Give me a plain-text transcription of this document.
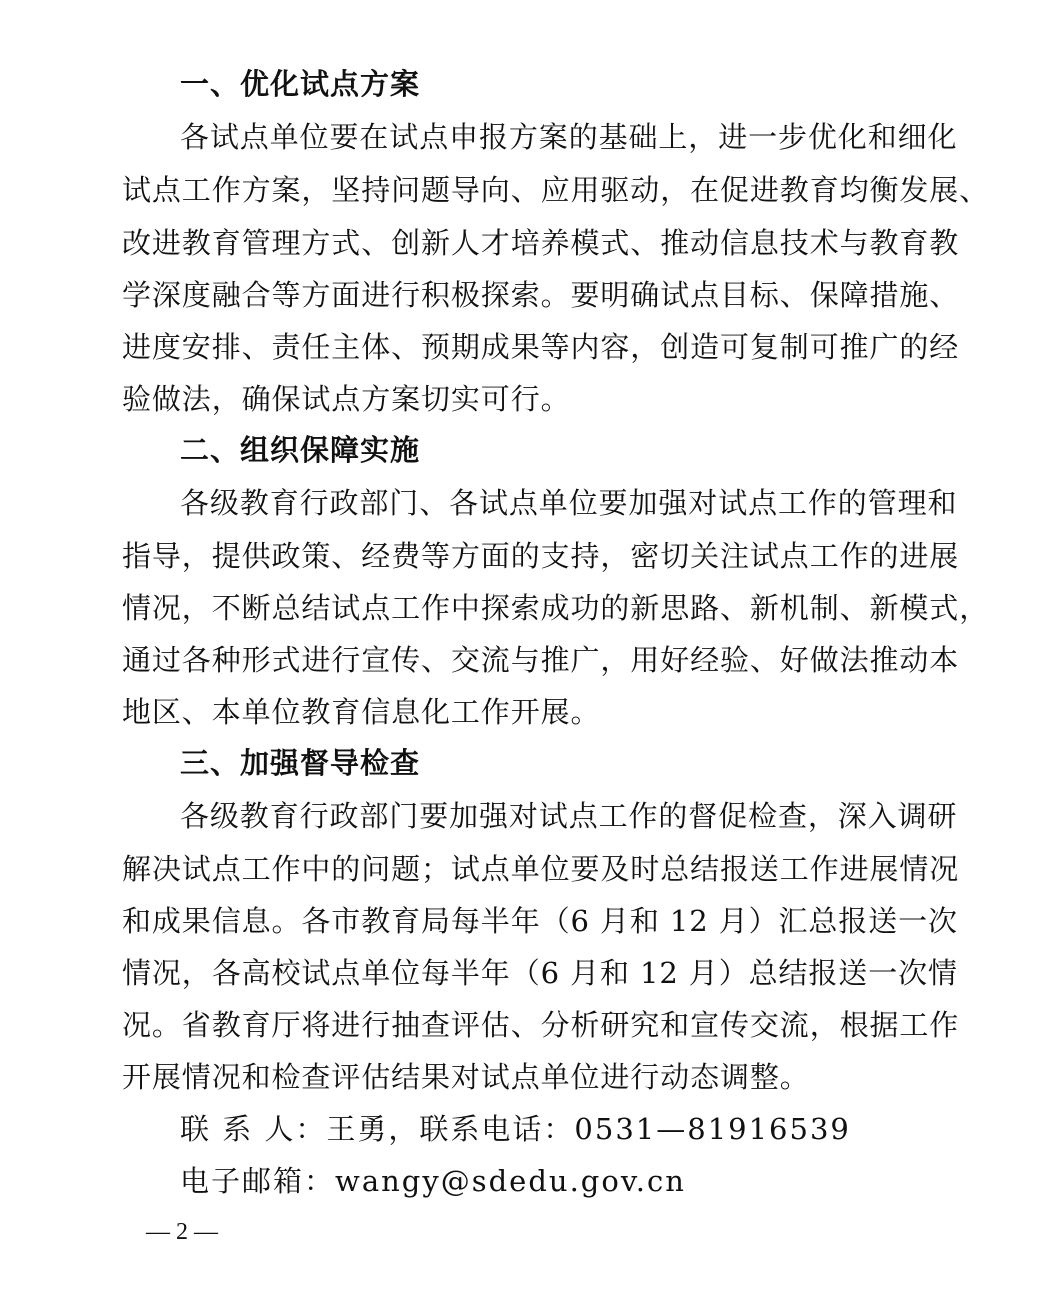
一、优化试点方案
各试点单位要在试点申报方案的基础上，进一步优化和细化
试点工作方案，坚持问题导向、应用驱动，在促进教育均衡发展、
改进教育管理方式、创新人才培养模式、推动信息技术与教育教
学深度融合等方面进行积极探索。要明确试点目标、保障措施、
进度安排、责任主体、预期成果等内容，创造可复制可推广的经
验做法，确保试点方案切实可行。
二、组织保障实施
各级教育行政部门、各试点单位要加强对试点工作的管理和
指导，提供政策、经费等方面的支持，密切关注试点工作的进展
情况，不断总结试点工作中探索成功的新思路、新机制、新模式，
通过各种形式进行宣传、交流与推广，用好经验、好做法推动本
地区、本单位教育信息化工作开展。
三、加强督导检查
各级教育行政部门要加强对试点工作的督促检查，深入调研
解决试点工作中的问题；试点单位要及时总结报送工作进展情况
和成果信息。各市教育局每半年（6 月和 12 月）汇总报送一次
情况，各高校试点单位每半年（6 月和 12 月）总结报送一次情
况。省教育厅将进行抽查评估、分析研究和宣传交流，根据工作
开展情况和检查评估结果对试点单位进行动态调整。
联 系 人：王勇，联系电话：0531—81916539
电子邮箱：wangy@sdedu.gov.cn
— 2 —
